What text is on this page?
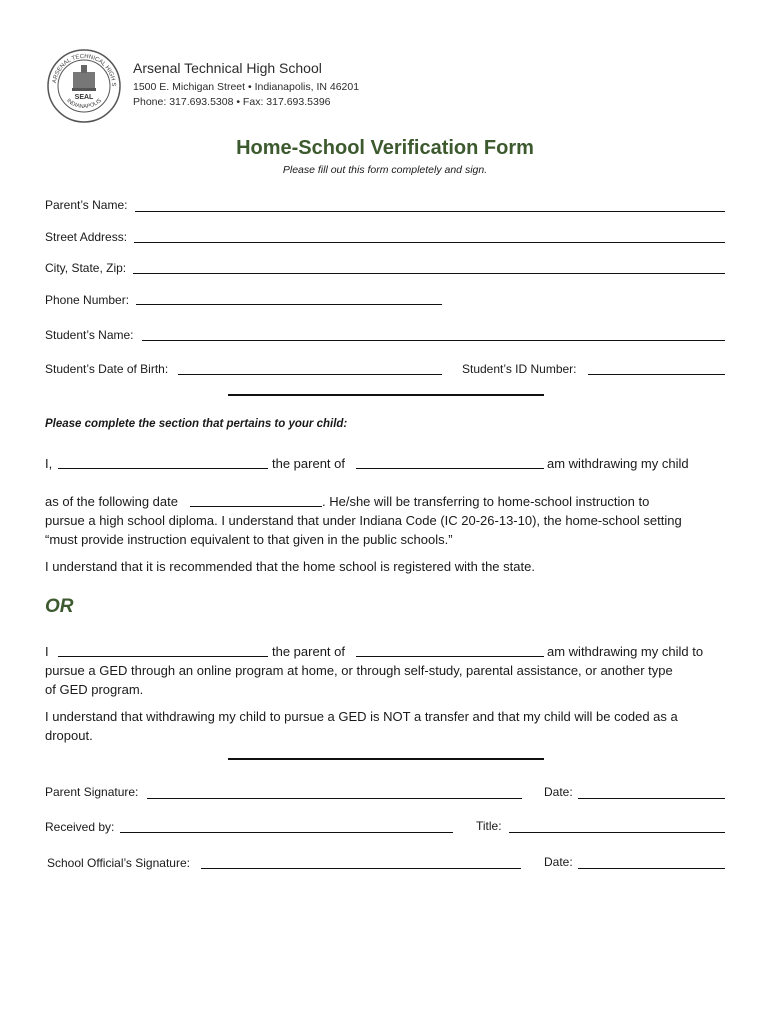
ARSENAL TECHNICAL HIGH S
INDIANAPOLIS
SEAL
Arsenal Technical High School
1500 E. Michigan Street • Indianapolis, IN 46201
Phone: 317.693.5308 • Fax: 317.693.5396
Home-School Verification Form
Please fill out this form completely and sign.
Parent’s Name:
Street Address:
City, State, Zip:
Phone Number:
Student’s Name:
Student’s Date of Birth:	Student’s ID Number:
Please complete the section that pertains to your child:
I,	the parent of	am withdrawing my child
as of the following date	. He/she will be transferring to home-school instruction to
pursue a high school diploma. I understand that under Indiana Code (IC 20-26-13-10), the home-school setting
“must provide instruction equivalent to that given in the public schools.”
I understand that it is recommended that the home school is registered with the state.
OR
I	the parent of	am withdrawing my child to
pursue a GED through an online program at home, or through self-study, parental assistance, or another type
of GED program.
I understand that withdrawing my child to pursue a GED is NOT a transfer and that my child will be coded as a
dropout.
Parent Signature:	Date:
Received by:	Title:
School Official’s Signature:	Date:
